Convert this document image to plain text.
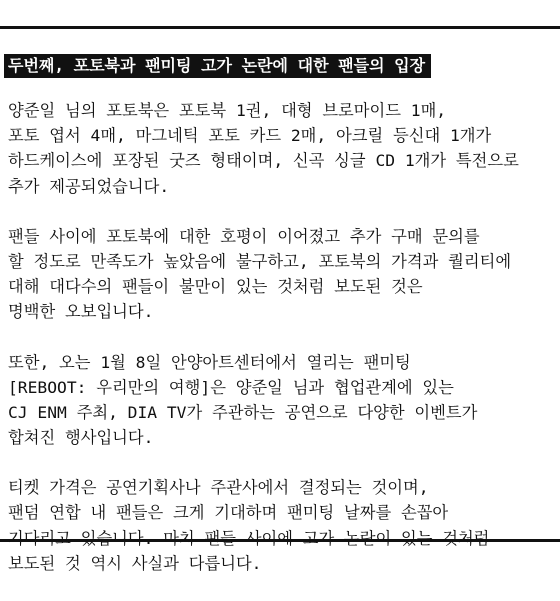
두번째, 포토북과 팬미팅 고가 논란에 대한 팬들의 입장
양준일 님의 포토북은 포토북 1권, 대형 브로마이드 1매,
포토 엽서 4매, 마그네틱 포토 카드 2매, 아크릴 등신대 1개가
하드케이스에 포장된 굿즈 형태이며, 신곡 싱글 CD 1개가 특전으로
추가 제공되었습니다.
팬들 사이에 포토북에 대한 호평이 이어졌고 추가 구매 문의를
할 정도로 만족도가 높았음에 불구하고, 포토북의 가격과 퀄리티에
대해 대다수의 팬들이 불만이 있는 것처럼 보도된 것은
명백한 오보입니다.
또한, 오는 1월 8일 안양아트센터에서 열리는 팬미팅
[REBOOT: 우리만의 여행]은 양준일 님과 협업관계에 있는
CJ ENM 주최, DIA TV가 주관하는 공연으로 다양한 이벤트가
합쳐진 행사입니다.
티켓 가격은 공연기획사나 주관사에서 결정되는 것이며,
팬덤 연합 내 팬들은 크게 기대하며 팬미팅 날짜를 손꼽아
기다리고 있습니다. 마치 팬들 사이에 고가 논란이 있는 것처럼
보도된 것 역시 사실과 다릅니다.
